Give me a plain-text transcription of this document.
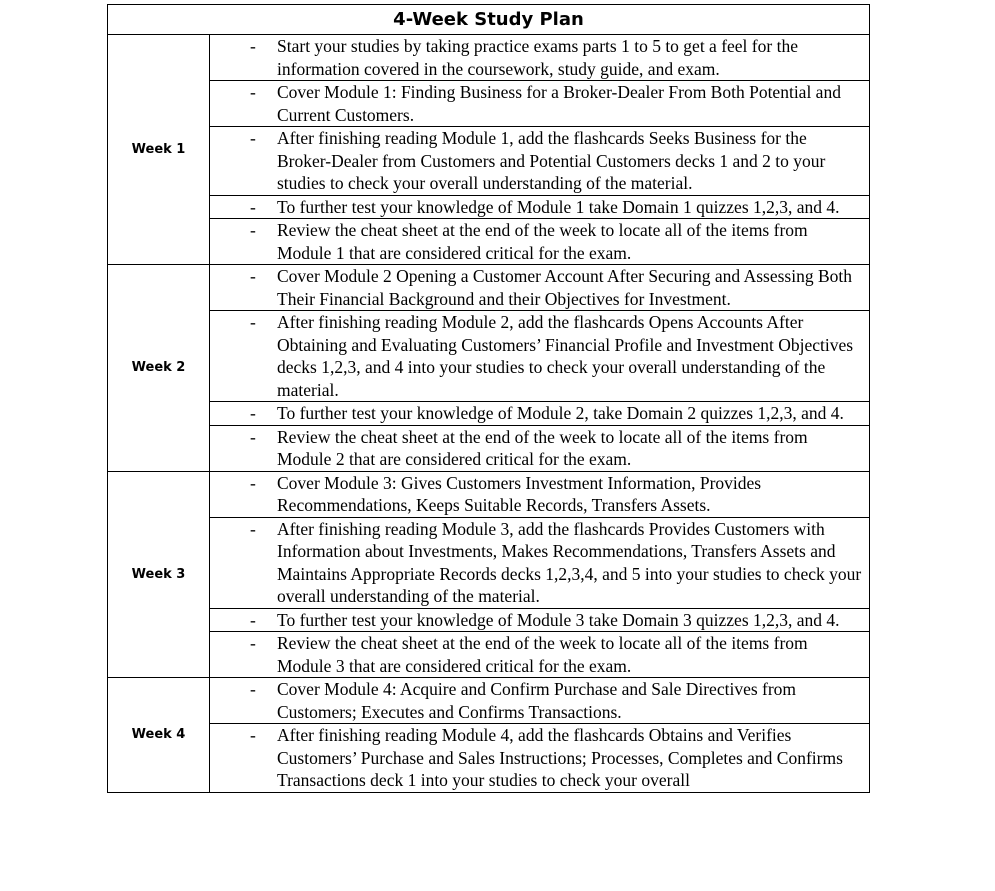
4-Week Study Plan	
Week 1	- Start your studies by taking practice exams parts 1 to 5 to get a feel for the information covered in the coursework, study guide, and exam.

	- Cover Module 1: Finding Business for a Broker-Dealer From Both Potential and Current Customers.

	- After finishing reading Module 1, add the flashcards Seeks Business for the Broker-Dealer from Customers and Potential Customers decks 1 and 2 to your studies to check your overall understanding of the material.

	- To further test your knowledge of Module 1 take Domain 1 quizzes 1,2,3, and 4.

	- Review the cheat sheet at the end of the week to locate all of the items from Module 1 that are considered critical for the exam.

Week 2	- Cover Module 2 Opening a Customer Account After Securing and Assessing Both Their Financial Background and their Objectives for Investment.

	- After finishing reading Module 2, add the flashcards Opens Accounts After Obtaining and Evaluating Customers’ Financial Profile and Investment Objectives decks 1,2,3, and 4 into your studies to check your overall understanding of the material.

	- To further test your knowledge of Module 2, take Domain 2 quizzes 1,2,3, and 4.

	- Review the cheat sheet at the end of the week to locate all of the items from Module 2 that are considered critical for the exam.

Week 3	- Cover Module 3: Gives Customers Investment Information, Provides Recommendations, Keeps Suitable Records, Transfers Assets.

	- After finishing reading Module 3, add the flashcards Provides Customers with Information about Investments, Makes Recommendations, Transfers Assets and Maintains Appropriate Records decks 1,2,3,4, and 5 into your studies to check your overall understanding of the material.

	- To further test your knowledge of Module 3 take Domain 3 quizzes 1,2,3, and 4.

	- Review the cheat sheet at the end of the week to locate all of the items from Module 3 that are considered critical for the exam.

Week 4	- Cover Module 4: Acquire and Confirm Purchase and Sale Directives from Customers; Executes and Confirms Transactions.

	- After finishing reading Module 4, add the flashcards Obtains and Verifies Customers’ Purchase and Sales Instructions; Processes, Completes and Confirms Transactions deck 1 into your studies to check your overall
